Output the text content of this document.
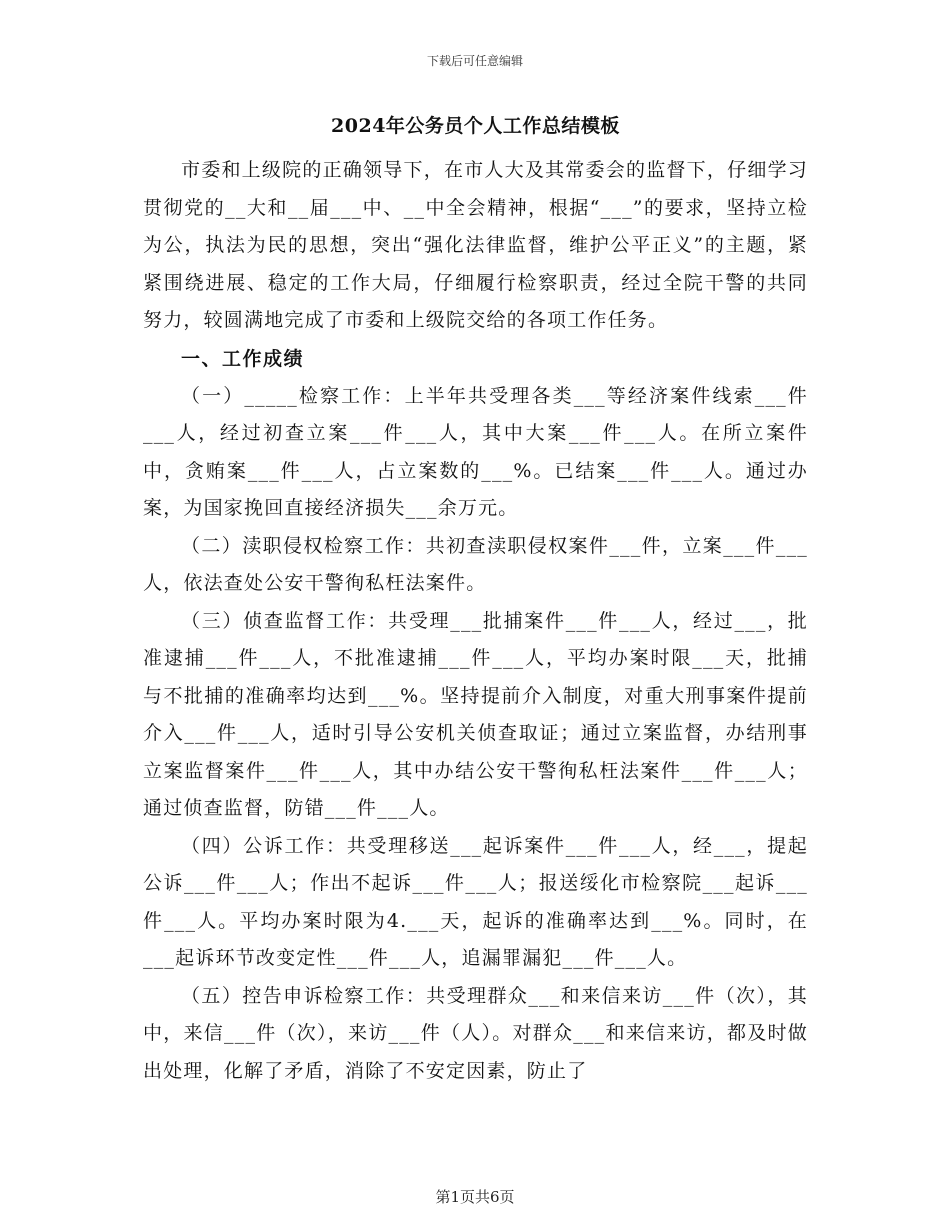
下载后可任意编辑
2024年公务员个人工作总结模板

市委和上级院的正确领导下，在市人大及其常委会的监督下，仔细学习贯彻党的__大和__届___中、__中全会精神，根据“___”的要求，坚持立检为公，执法为民的思想，突出“强化法律监督，维护公平正义”的主题，紧紧围绕进展、稳定的工作大局，仔细履行检察职责，经过全院干警的共同努力，较圆满地完成了市委和上级院交给的各项工作任务。

一、工作成绩

（一）_____检察工作：上半年共受理各类___等经济案件线索___件___人，经过初查立案___件___人，其中大案___件___人。在所立案件中，贪贿案___件___人，占立案数的___%。已结案___件___人。通过办案，为国家挽回直接经济损失___余万元。

（二）渎职侵权检察工作：共初查渎职侵权案件___件，立案___件___人，依法查处公安干警徇私枉法案件。

（三）侦查监督工作：共受理___批捕案件___件___人，经过___，批准逮捕___件___人，不批准逮捕___件___人，平均办案时限___天，批捕与不批捕的准确率均达到___%。坚持提前介入制度，对重大刑事案件提前介入___件___人，适时引导公安机关侦查取证；通过立案监督，办结刑事立案监督案件___件___人，其中办结公安干警徇私枉法案件___件___人；通过侦查监督，防错___件___人。

（四）公诉工作：共受理移送___起诉案件___件___人，经___，提起公诉___件___人；作出不起诉___件___人；报送绥化市检察院___起诉___件___人。平均办案时限为4.___天，起诉的准确率达到___%。同时，在___起诉环节改变定性___件___人，追漏罪漏犯___件___人。

（五）控告申诉检察工作：共受理群众___和来信来访___件（次），其中，来信___件（次），来访___件（人）。对群众___和来信来访，都及时做出处理，化解了矛盾，消除了不安定因素，防止了

第1页共6页
